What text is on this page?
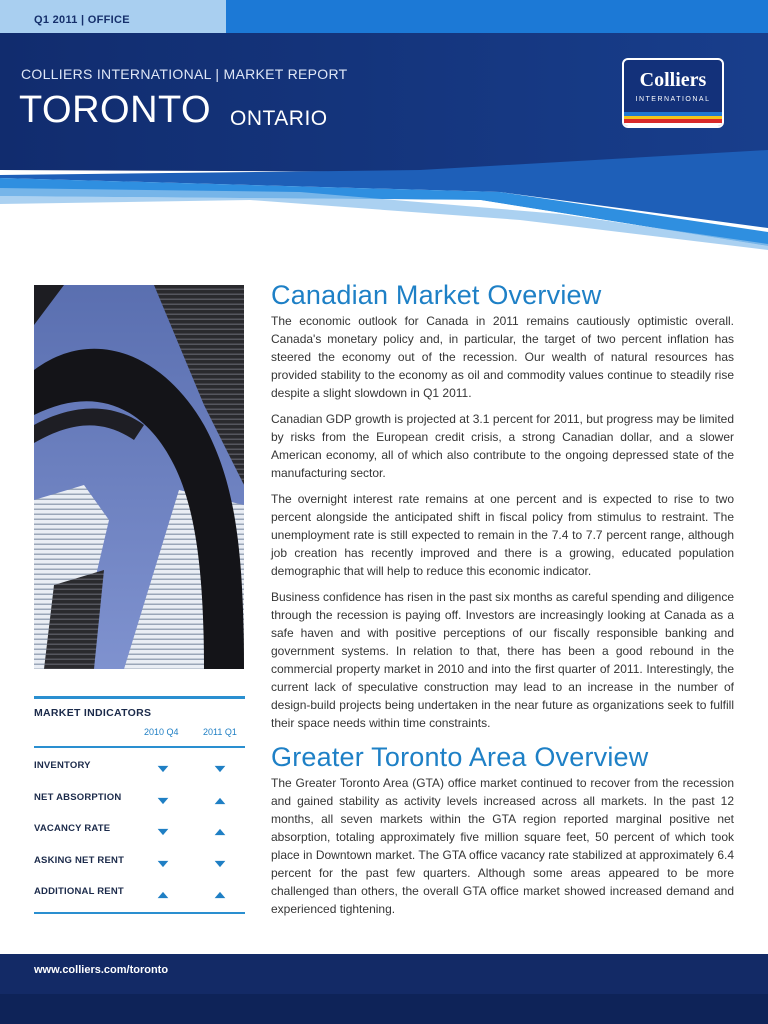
Q1 2011 | OFFICE
COLLIERS INTERNATIONAL | MARKET REPORT
TORONTO ONTARIO
Colliers
INTERNATIONAL
MARKET INDICATORS
2010 Q4	2011 Q1
INVENTORY
NET ABSORPTION
VACANCY RATE
ASKING NET RENT
ADDITIONAL RENT
Canadian Market Overview

The economic outlook for Canada in 2011 remains cautiously optimistic overall. Canada's monetary policy and, in particular, the target of two percent inflation has steered the economy out of the recession. Our wealth of natural resources has provided stability to the economy as oil and commodity values continue to steadily rise despite a slight slowdown in Q1 2011.

Canadian GDP growth is projected at 3.1 percent for 2011, but progress may be limited by risks from the European credit crisis, a strong Canadian dollar, and a slower American economy, all of which also contribute to the ongoing depressed state of the manufacturing sector.

The overnight interest rate remains at one percent and is expected to rise to two percent alongside the anticipated shift in fiscal policy from stimulus to restraint. The unemployment rate is still expected to remain in the 7.4 to 7.7 percent range, although job creation has recently improved and there is a growing, educated population demographic that will help to reduce this economic indicator.

Business confidence has risen in the past six months as careful spending and diligence through the recession is paying off. Investors are increasingly looking at Canada as a safe haven and with positive perceptions of our fiscally responsible banking and government systems. In relation to that, there has been a good rebound in the commercial property market in 2010 and into the first quarter of 2011. Interestingly, the current lack of speculative construction may lead to an increase in the number of design-build projects being undertaken in the near future as organizations seek to fulfill their space needs within time constraints.

Greater Toronto Area Overview

The Greater Toronto Area (GTA) office market continued to recover from the recession and gained stability as activity levels increased across all markets. In the past 12 months, all seven markets within the GTA region reported marginal positive net absorption, totaling approximately five million square feet, 50 percent of which took place in Downtown market. The GTA office vacancy rate stabilized at approximately 6.4 percent for the past few quarters. Although some areas appeared to be more challenged than others, the overall GTA office market showed increased demand and experienced tightening.

www.colliers.com/toronto
